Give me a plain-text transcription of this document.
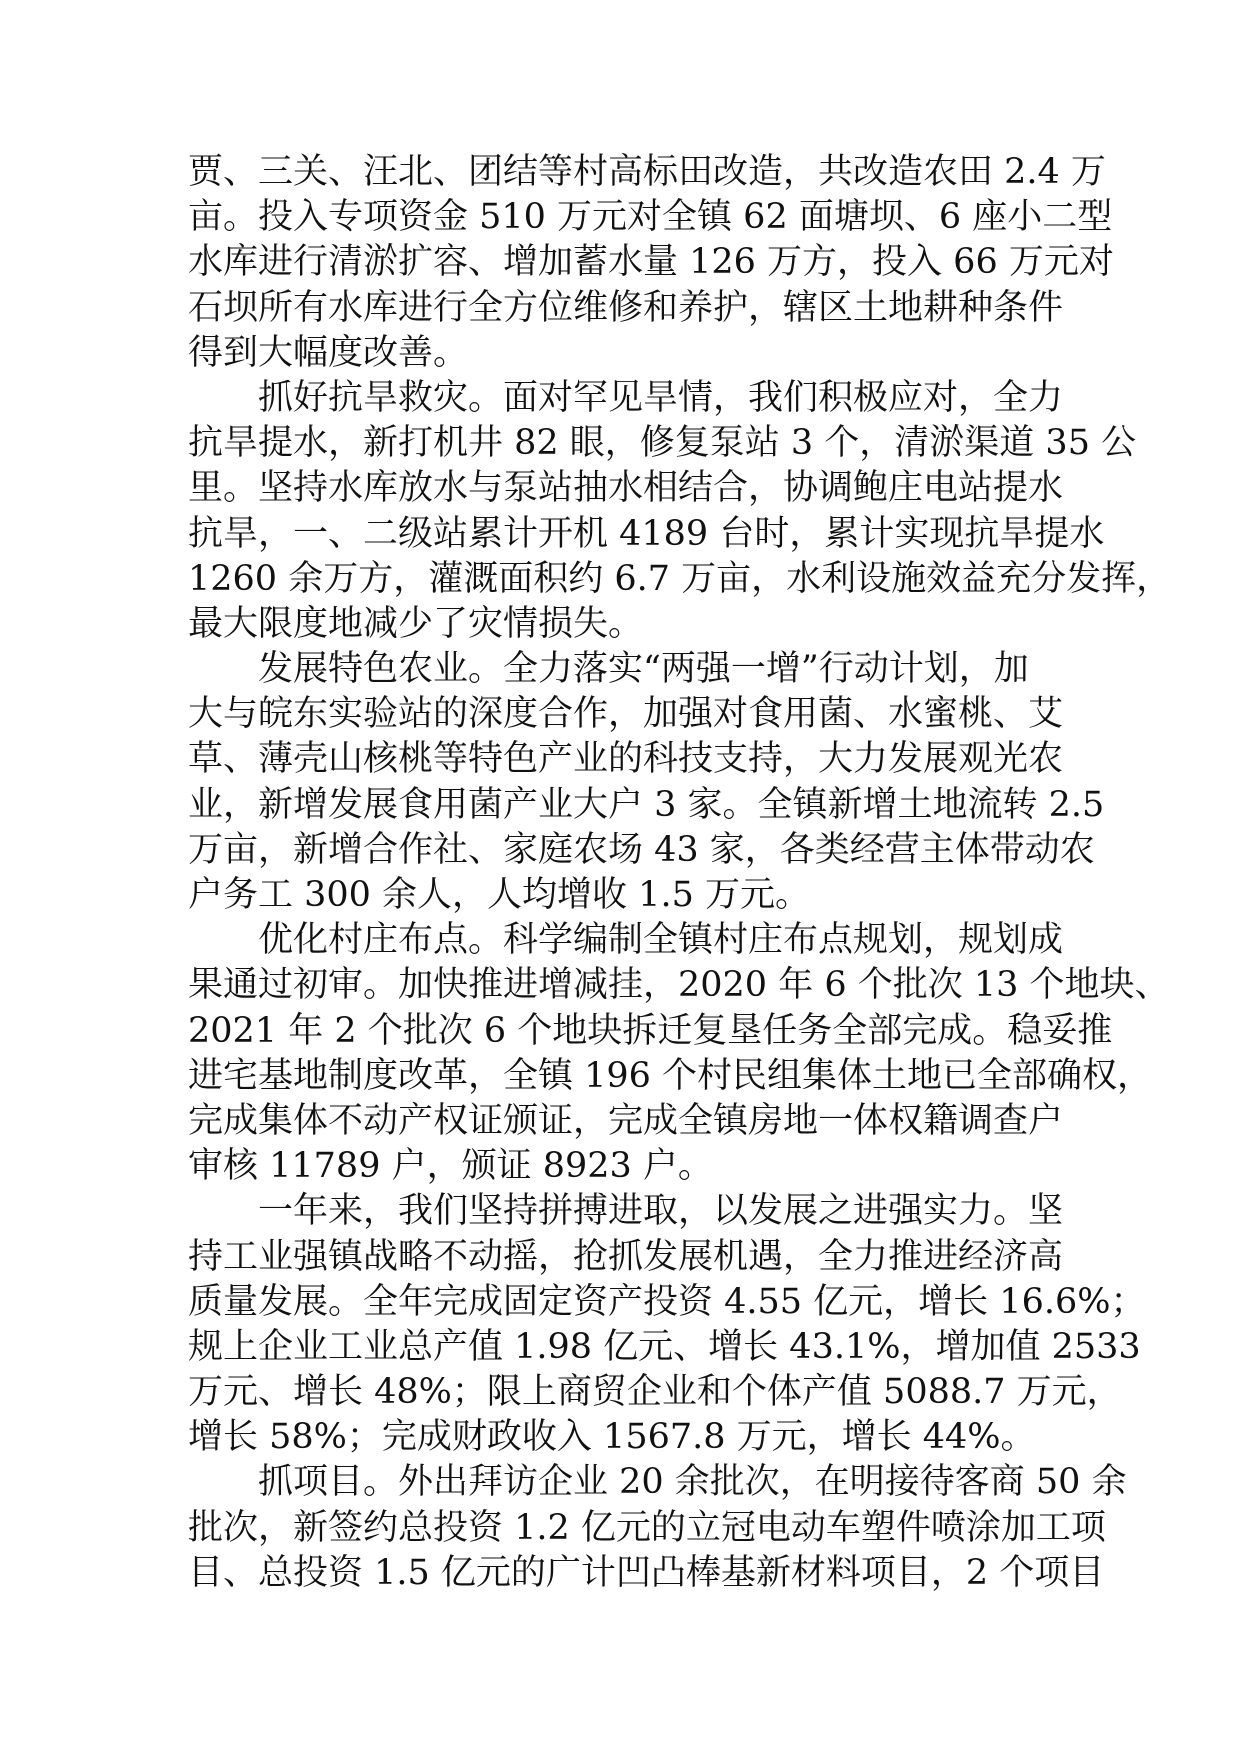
贾、三关、汪北、团结等村高标田改造，共改造农田 2.4 万
亩。投入专项资金 510 万元对全镇 62 面塘坝、6 座小二型
水库进行清淤扩容、增加蓄水量 126 万方，投入 66 万元对
石坝所有水库进行全方位维修和养护，辖区土地耕种条件
得到大幅度改善。
抓好抗旱救灾。面对罕见旱情，我们积极应对，全力
抗旱提水，新打机井 82 眼，修复泵站 3 个，清淤渠道 35 公
里。坚持水库放水与泵站抽水相结合，协调鲍庄电站提水
抗旱，一、二级站累计开机 4189 台时，累计实现抗旱提水
1260 余万方，灌溉面积约 6.7 万亩，水利设施效益充分发挥，
最大限度地减少了灾情损失。
发展特色农业。全力落实“两强一增”行动计划，加
大与皖东实验站的深度合作，加强对食用菌、水蜜桃、艾
草、薄壳山核桃等特色产业的科技支持，大力发展观光农
业，新增发展食用菌产业大户 3 家。全镇新增土地流转 2.5
万亩，新增合作社、家庭农场 43 家，各类经营主体带动农
户务工 300 余人，人均增收 1.5 万元。
优化村庄布点。科学编制全镇村庄布点规划，规划成
果通过初审。加快推进增减挂，2020 年 6 个批次 13 个地块、
2021 年 2 个批次 6 个地块拆迁复垦任务全部完成。稳妥推
进宅基地制度改革，全镇 196 个村民组集体土地已全部确权，
完成集体不动产权证颁证，完成全镇房地一体权籍调查户
审核 11789 户，颁证 8923 户。
一年来，我们坚持拼搏进取，以发展之进强实力。坚
持工业强镇战略不动摇，抢抓发展机遇，全力推进经济高
质量发展。全年完成固定资产投资 4.55 亿元，增长 16.6%；
规上企业工业总产值 1.98 亿元、增长 43.1%，增加值 2533
万元、增长 48%；限上商贸企业和个体产值 5088.7 万元，
增长 58%；完成财政收入 1567.8 万元，增长 44%。
抓项目。外出拜访企业 20 余批次，在明接待客商 50 余
批次，新签约总投资 1.2 亿元的立冠电动车塑件喷涂加工项
目、总投资 1.5 亿元的广计凹凸棒基新材料项目，2 个项目
